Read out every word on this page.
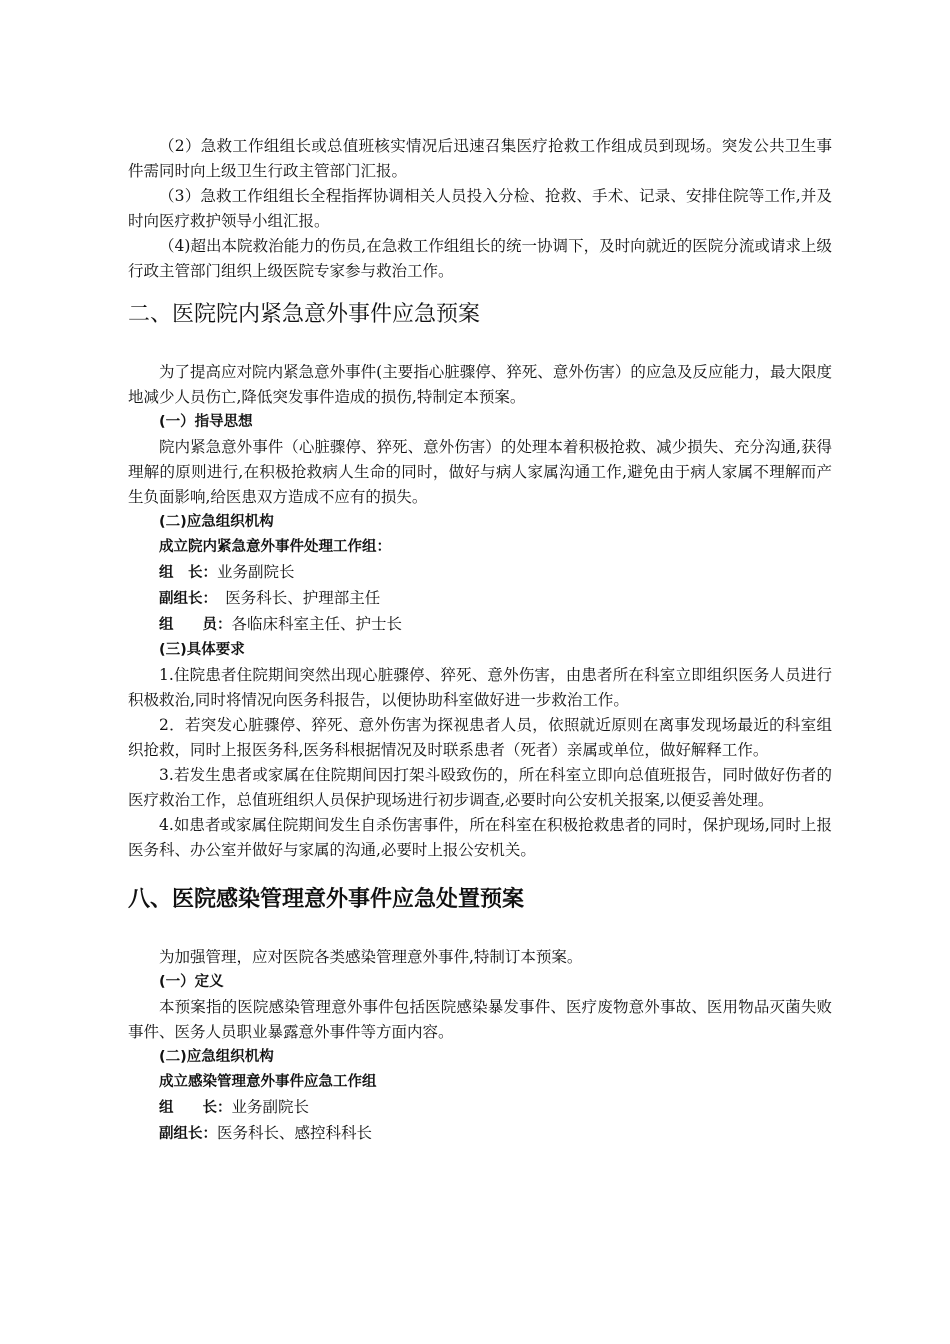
（2）急救工作组组长或总值班核实情况后迅速召集医疗抢救工作组成员到现场。突发公共卫生事件需同时向上级卫生行政主管部门汇报。

（3）急救工作组组长全程指挥协调相关人员投入分检、抢救、手术、记录、安排住院等工作,并及时向医疗救护领导小组汇报。

（4)超出本院救治能力的伤员,在急救工作组组长的统一协调下，及时向就近的医院分流或请求上级行政主管部门组织上级医院专家参与救治工作。

二、医院院内紧急意外事件应急预案

为了提高应对院内紧急意外事件(主要指心脏骤停、猝死、意外伤害）的应急及反应能力，最大限度地减少人员伤亡,降低突发事件造成的损伤,特制定本预案。

(一）指导思想

院内紧急意外事件（心脏骤停、猝死、意外伤害）的处理本着积极抢救、减少损失、充分沟通,获得理解的原则进行,在积极抢救病人生命的同时，做好与病人家属沟通工作,避免由于病人家属不理解而产生负面影响,给医患双方造成不应有的损失。

(二)应急组织机构

成立院内紧急意外事件处理工作组：

组　长：业务副院长

副组长：　医务科长、护理部主任

组　　员：各临床科室主任、护士长

(三)具体要求

1.住院患者住院期间突然出现心脏骤停、猝死、意外伤害，由患者所在科室立即组织医务人员进行积极救治,同时将情况向医务科报告，以便协助科室做好进一步救治工作。

2．若突发心脏骤停、猝死、意外伤害为探视患者人员，依照就近原则在离事发现场最近的科室组织抢救，同时上报医务科,医务科根据情况及时联系患者（死者）亲属或单位，做好解释工作。

3.若发生患者或家属在住院期间因打架斗殴致伤的，所在科室立即向总值班报告，同时做好伤者的医疗救治工作，总值班组织人员保护现场进行初步调查,必要时向公安机关报案,以便妥善处理。

4.如患者或家属住院期间发生自杀伤害事件，所在科室在积极抢救患者的同时，保护现场,同时上报医务科、办公室并做好与家属的沟通,必要时上报公安机关。

八、医院感染管理意外事件应急处置预案

为加强管理，应对医院各类感染管理意外事件,特制订本预案。

(一）定义

本预案指的医院感染管理意外事件包括医院感染暴发事件、医疗废物意外事故、医用物品灭菌失败事件、医务人员职业暴露意外事件等方面内容。

(二)应急组织机构

成立感染管理意外事件应急工作组

组　　长：业务副院长

副组长：医务科长、感控科科长
